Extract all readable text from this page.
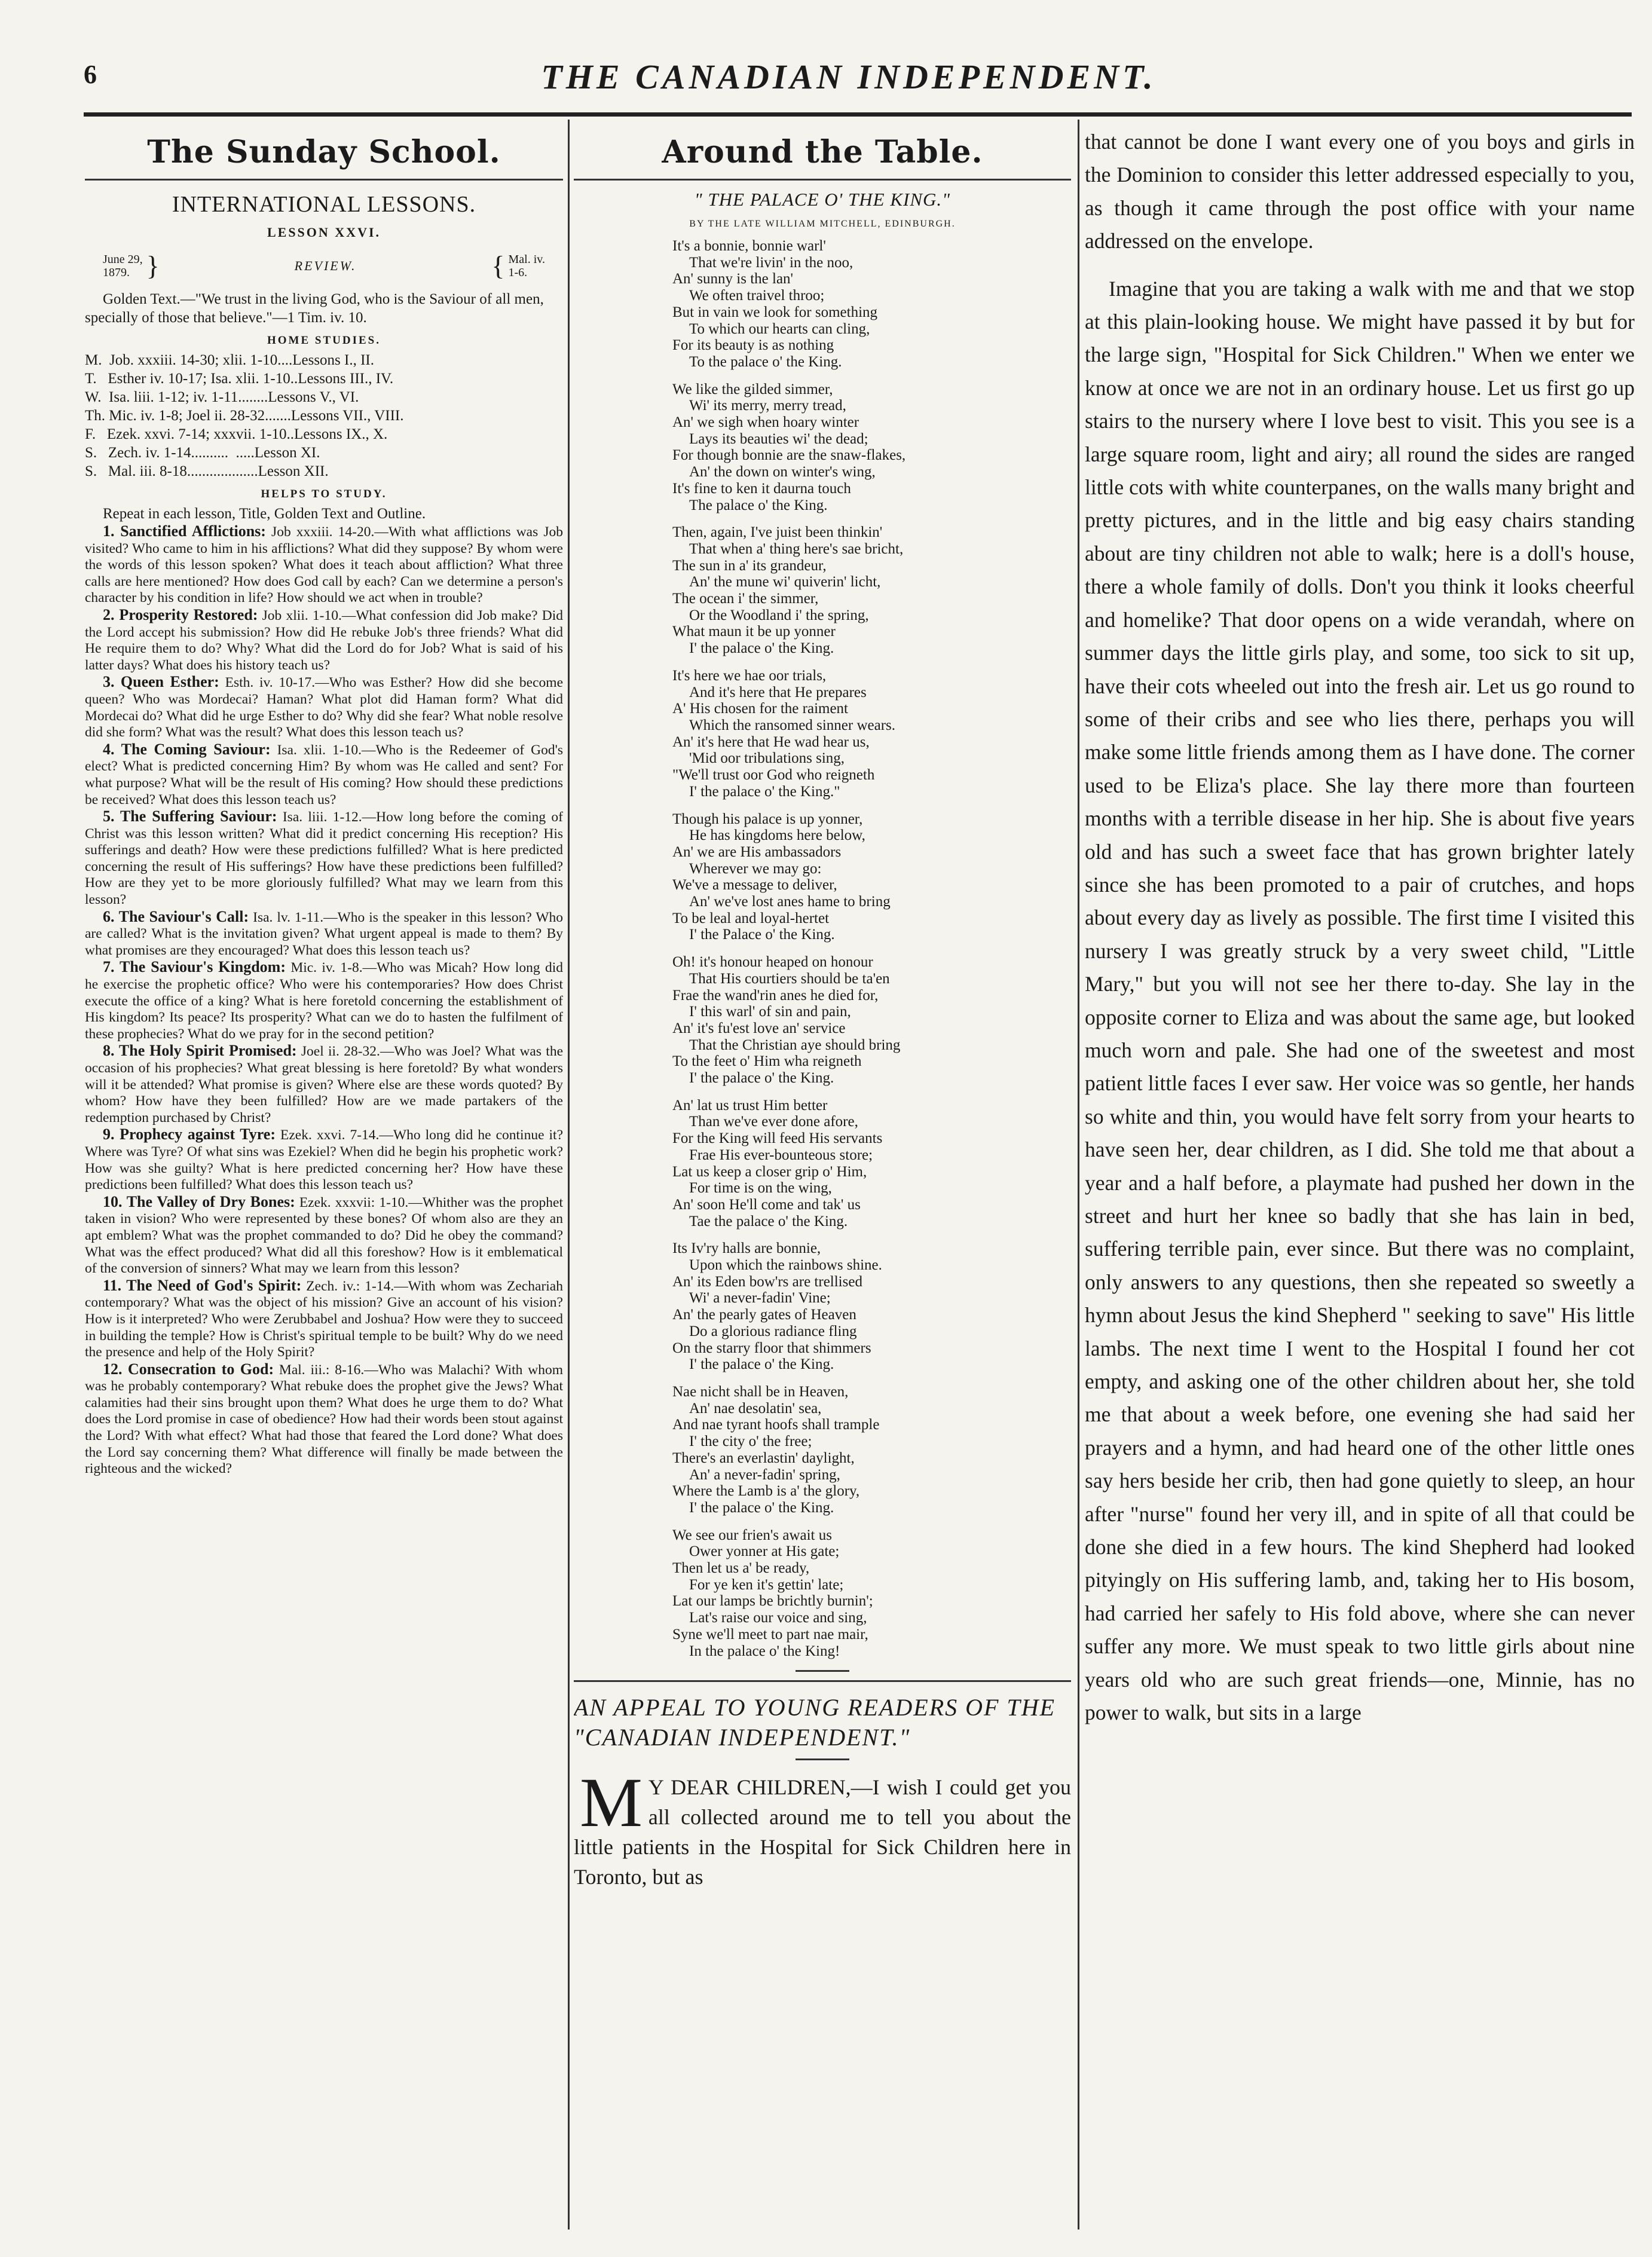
6	THE CANADIAN INDEPENDENT.
The Sunday School.
INTERNATIONAL LESSONS.
LESSON XXVI.
June 29,
1879. }	REVIEW.	{ Mal. iv.
1-6.
Golden Text.—"We trust in the living God, who is the Saviour of all men, specially of those that believe."—1 Tim. iv. 10.
HOME STUDIES.
M.  Job. xxxiii. 14-30; xlii. 1-10....Lessons I., II.
T.   Esther iv. 10-17; Isa. xlii. 1-10..Lessons III., IV.
W.  Isa. liii. 1-12; iv. 1-11........Lessons V., VI.
Th. Mic. iv. 1-8; Joel ii. 28-32.......Lessons VII., VIII.
F.   Ezek. xxvi. 7-14; xxxvii. 1-10..Lessons IX., X.
S.   Zech. iv. 1-14..........  .....Lesson XI.
S.   Mal. iii. 8-18...................Lesson XII.
HELPS TO STUDY.
Repeat in each lesson, Title, Golden Text and Outline.

1. Sanctified Afflictions: Job xxxiii. 14-20.—With what afflictions was Job visited? Who came to him in his afflictions? What did they suppose? By whom were the words of this lesson spoken? What does it teach about affliction? What three calls are here mentioned? How does God call by each? Can we determine a person's character by his condition in life? How should we act when in trouble?

2. Prosperity Restored: Job xlii. 1-10.—What confession did Job make? Did the Lord accept his submission? How did He rebuke Job's three friends? What did He require them to do? Why? What did the Lord do for Job? What is said of his latter days? What does his history teach us?

3. Queen Esther: Esth. iv. 10-17.—Who was Esther? How did she become queen? Who was Mordecai? Haman? What plot did Haman form? What did Mordecai do? What did he urge Esther to do? Why did she fear? What noble resolve did she form? What was the result? What does this lesson teach us?

4. The Coming Saviour: Isa. xlii. 1-10.—Who is the Redeemer of God's elect? What is predicted concerning Him? By whom was He called and sent? For what purpose? What will be the result of His coming? How should these predictions be received? What does this lesson teach us?

5. The Suffering Saviour: Isa. liii. 1-12.—How long before the coming of Christ was this lesson written? What did it predict concerning His reception? His sufferings and death? How were these predictions fulfilled? What is here predicted concerning the result of His sufferings? How have these predictions been fulfilled? How are they yet to be more gloriously fulfilled? What may we learn from this lesson?

6. The Saviour's Call: Isa. lv. 1-11.—Who is the speaker in this lesson? Who are called? What is the invitation given? What urgent appeal is made to them? By what promises are they encouraged? What does this lesson teach us?

7. The Saviour's Kingdom: Mic. iv. 1-8.—Who was Micah? How long did he exercise the prophetic office? Who were his contemporaries? How does Christ execute the office of a king? What is here foretold concerning the establishment of His kingdom? Its peace? Its prosperity? What can we do to hasten the fulfilment of these prophecies? What do we pray for in the second petition?

8. The Holy Spirit Promised: Joel ii. 28-32.—Who was Joel? What was the occasion of his prophecies? What great blessing is here foretold? By what wonders will it be attended? What promise is given? Where else are these words quoted? By whom? How have they been fulfilled? How are we made partakers of the redemption purchased by Christ?

9. Prophecy against Tyre: Ezek. xxvi. 7-14.—Who long did he continue it? Where was Tyre? Of what sins was Ezekiel? When did he begin his prophetic work? How was she guilty? What is here predicted concerning her? How have these predictions been fulfilled? What does this lesson teach us?

10. The Valley of Dry Bones: Ezek. xxxvii: 1-10.—Whither was the prophet taken in vision? Who were represented by these bones? Of whom also are they an apt emblem? What was the prophet commanded to do? Did he obey the command? What was the effect produced? What did all this foreshow? How is it emblematical of the conversion of sinners? What may we learn from this lesson?

11. The Need of God's Spirit: Zech. iv.: 1-14.—With whom was Zechariah contemporary? What was the object of his mission? Give an account of his vision? How is it interpreted? Who were Zerubbabel and Joshua? How were they to succeed in building the temple? How is Christ's spiritual temple to be built? Why do we need the presence and help of the Holy Spirit?

12. Consecration to God: Mal. iii.: 8-16.—Who was Malachi? With whom was he probably contemporary? What rebuke does the prophet give the Jews? What calamities had their sins brought upon them? What does he urge them to do? What does the Lord promise in case of obedience? How had their words been stout against the Lord? With what effect? What had those that feared the Lord done? What does the Lord say concerning them? What difference will finally be made between the righteous and the wicked?

Around the Table.
" THE PALACE O' THE KING."
BY THE LATE WILLIAM MITCHELL, EDINBURGH.
It's a bonnie, bonnie warl'
That we're livin' in the noo,
An' sunny is the lan'
We often traivel throo;
But in vain we look for something
To which our hearts can cling,
For its beauty is as nothing
To the palace o' the King.
We like the gilded simmer,
Wi' its merry, merry tread,
An' we sigh when hoary winter
Lays its beauties wi' the dead;
For though bonnie are the snaw-flakes,
An' the down on winter's wing,
It's fine to ken it daurna touch
The palace o' the King.
Then, again, I've juist been thinkin'
That when a' thing here's sae bricht,
The sun in a' its grandeur,
An' the mune wi' quiverin' licht,
The ocean i' the simmer,
Or the Woodland i' the spring,
What maun it be up yonner
I' the palace o' the King.
It's here we hae oor trials,
And it's here that He prepares
A' His chosen for the raiment
Which the ransomed sinner wears.
An' it's here that He wad hear us,
'Mid oor tribulations sing,
"We'll trust oor God who reigneth
I' the palace o' the King."
Though his palace is up yonner,
He has kingdoms here below,
An' we are His ambassadors
Wherever we may go:
We've a message to deliver,
An' we've lost anes hame to bring
To be leal and loyal-hertet
I' the Palace o' the King.
Oh! it's honour heaped on honour
That His courtiers should be ta'en
Frae the wand'rin anes he died for,
I' this warl' of sin and pain,
An' it's fu'est love an' service
That the Christian aye should bring
To the feet o' Him wha reigneth
I' the palace o' the King.
An' lat us trust Him better
Than we've ever done afore,
For the King will feed His servants
Frae His ever-bounteous store;
Lat us keep a closer grip o' Him,
For time is on the wing,
An' soon He'll come and tak' us
Tae the palace o' the King.
Its Iv'ry halls are bonnie,
Upon which the rainbows shine.
An' its Eden bow'rs are trellised
Wi' a never-fadin' Vine;
An' the pearly gates of Heaven
Do a glorious radiance fling
On the starry floor that shimmers
I' the palace o' the King.
Nae nicht shall be in Heaven,
An' nae desolatin' sea,
And nae tyrant hoofs shall trample
I' the city o' the free;
There's an everlastin' daylight,
An' a never-fadin' spring,
Where the Lamb is a' the glory,
I' the palace o' the King.
We see our frien's await us
Ower yonner at His gate;
Then let us a' be ready,
For ye ken it's gettin' late;
Lat our lamps be brichtly burnin';
Lat's raise our voice and sing,
Syne we'll meet to part nae mair,
In the palace o' the King!
AN APPEAL TO YOUNG READERS OF THE "CANADIAN INDEPENDENT."
M Y DEAR CHILDREN,—I wish I could get you all collected around me to tell you about the little patients in the Hospital for Sick Children here in Toronto, but as

that cannot be done I want every one of you boys and girls in the Dominion to consider this letter addressed especially to you, as though it came through the post office with your name addressed on the envelope.

Imagine that you are taking a walk with me and that we stop at this plain-looking house. We might have passed it by but for the large sign, "Hospital for Sick Children." When we enter we know at once we are not in an ordinary house. Let us first go up stairs to the nursery where I love best to visit. This you see is a large square room, light and airy; all round the sides are ranged little cots with white counterpanes, on the walls many bright and pretty pictures, and in the little and big easy chairs standing about are tiny children not able to walk; here is a doll's house, there a whole family of dolls. Don't you think it looks cheerful and homelike? That door opens on a wide verandah, where on summer days the little girls play, and some, too sick to sit up, have their cots wheeled out into the fresh air. Let us go round to some of their cribs and see who lies there, perhaps you will make some little friends among them as I have done. The corner used to be Eliza's place. She lay there more than fourteen months with a terrible disease in her hip. She is about five years old and has such a sweet face that has grown brighter lately since she has been promoted to a pair of crutches, and hops about every day as lively as possible. The first time I visited this nursery I was greatly struck by a very sweet child, "Little Mary," but you will not see her there to-day. She lay in the opposite corner to Eliza and was about the same age, but looked much worn and pale. She had one of the sweetest and most patient little faces I ever saw. Her voice was so gentle, her hands so white and thin, you would have felt sorry from your hearts to have seen her, dear children, as I did. She told me that about a year and a half before, a playmate had pushed her down in the street and hurt her knee so badly that she has lain in bed, suffering terrible pain, ever since. But there was no complaint, only answers to any questions, then she repeated so sweetly a hymn about Jesus the kind Shepherd " seeking to save" His little lambs. The next time I went to the Hospital I found her cot empty, and asking one of the other children about her, she told me that about a week before, one evening she had said her prayers and a hymn, and had heard one of the other little ones say hers beside her crib, then had gone quietly to sleep, an hour after "nurse" found her very ill, and in spite of all that could be done she died in a few hours. The kind Shepherd had looked pityingly on His suffering lamb, and, taking her to His bosom, had carried her safely to His fold above, where she can never suffer any more. We must speak to two little girls about nine years old who are such great friends—one, Minnie, has no power to walk, but sits in a large
